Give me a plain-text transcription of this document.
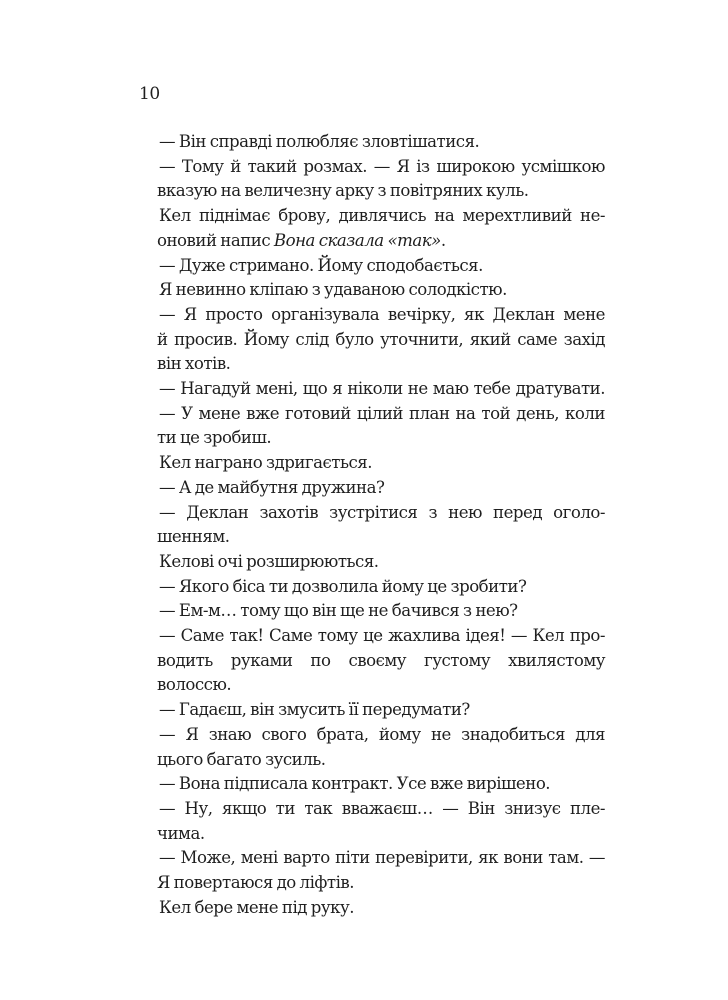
10
— Він справді полюбляє зловтішатися.
— Тому й такий розмах. — Я із широкою усмішкою
вказую на величезну арку з повітряних куль.
Кел піднімає брову, дивлячись на мерехтливий не-
оновий напис Вона сказала «так».
— Дуже стримано. Йому сподобається.
Я невинно кліпаю з удаваною солодкістю.
— Я просто організувала вечірку, як Деклан мене
й просив. Йому слід було уточнити, який саме захід
він хотів.
— Нагадуй мені, що я ніколи не маю тебе дратувати.
— У мене вже готовий цілий план на той день, коли
ти це зробиш.
Кел награно здригається.
— А де майбутня дружина?
— Деклан захотів зустрітися з нею перед оголо-
шенням.
Келові очі розширюються.
— Якого біса ти дозволила йому це зробити?
— Ем-м… тому що він ще не бачився з нею?
— Саме так! Саме тому це жахлива ідея! — Кел про-
водить руками по своєму густому хвилястому волоссю.
— Гадаєш, він змусить її передумати?
— Я знаю свого брата, йому не знадобиться для
цього багато зусиль.
— Вона підписала контракт. Усе вже вирішено.
— Ну, якщо ти так вважаєш… — Він знизує пле-
чима.
— Може, мені варто піти перевірити, як вони там. —
Я повертаюся до ліфтів.
Кел бере мене під руку.
